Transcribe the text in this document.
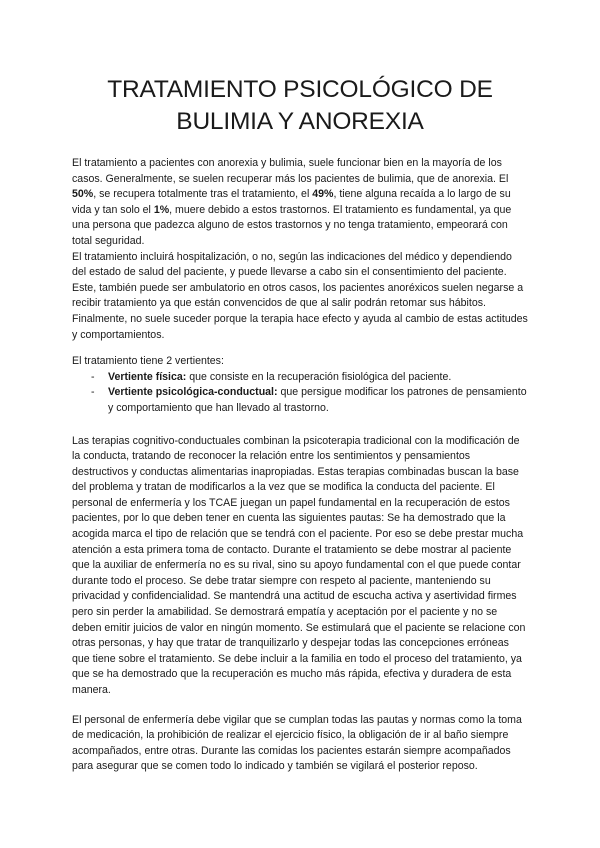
TRATAMIENTO PSICOLÓGICO DE
BULIMIA Y ANOREXIA

El tratamiento a pacientes con anorexia y bulimia, suele funcionar bien en la mayoría de los casos. Generalmente, se suelen recuperar más los pacientes de bulimia, que de anorexia. El 50%, se recupera totalmente tras el tratamiento, el 49%, tiene alguna recaída a lo largo de su vida y tan solo el 1%, muere debido a estos trastornos. El tratamiento es fundamental, ya que una persona que padezca alguno de estos trastornos y no tenga tratamiento, empeorará con total seguridad.

El tratamiento incluirá hospitalización, o no, según las indicaciones del médico y dependiendo del estado de salud del paciente, y puede llevarse a cabo sin el consentimiento del paciente. Este, también puede ser ambulatorio en otros casos, los pacientes anoréxicos suelen negarse a recibir tratamiento ya que están convencidos de que al salir podrán retomar sus hábitos. Finalmente, no suele suceder porque la terapia hace efecto y ayuda al cambio de estas actitudes y comportamientos.

El tratamiento tiene 2 vertientes:

- Vertiente física: que consiste en la recuperación fisiológica del paciente.
- Vertiente psicológica-conductual: que persigue modificar los patrones de pensamiento y comportamiento que han llevado al trastorno.

Las terapias cognitivo-conductuales combinan la psicoterapia tradicional con la modificación de la conducta, tratando de reconocer la relación entre los sentimientos y pensamientos destructivos y conductas alimentarias inapropiadas. Estas terapias combinadas buscan la base del problema y tratan de modificarlos a la vez que se modifica la conducta del paciente. El personal de enfermería y los TCAE juegan un papel fundamental en la recuperación de estos pacientes, por lo que deben tener en cuenta las siguientes pautas: Se ha demostrado que la acogida marca el tipo de relación que se tendrá con el paciente. Por eso se debe prestar mucha atención a esta primera toma de contacto. Durante el tratamiento se debe mostrar al paciente que la auxiliar de enfermería no es su rival, sino su apoyo fundamental con el que puede contar durante todo el proceso. Se debe tratar siempre con respeto al paciente, manteniendo su privacidad y confidencialidad. Se mantendrá una actitud de escucha activa y asertividad firmes pero sin perder la amabilidad. Se demostrará empatía y aceptación por el paciente y no se deben emitir juicios de valor en ningún momento. Se estimulará que el paciente se relacione con otras personas, y hay que tratar de tranquilizarlo y despejar todas las concepciones erróneas que tiene sobre el tratamiento. Se debe incluir a la familia en todo el proceso del tratamiento, ya que se ha demostrado que la recuperación es mucho más rápida, efectiva y duradera de esta manera.

El personal de enfermería debe vigilar que se cumplan todas las pautas y normas como la toma de medicación, la prohibición de realizar el ejercicio físico, la obligación de ir al baño siempre acompañados, entre otras. Durante las comidas los pacientes estarán siempre acompañados para asegurar que se comen todo lo indicado y también se vigilará el posterior reposo.
